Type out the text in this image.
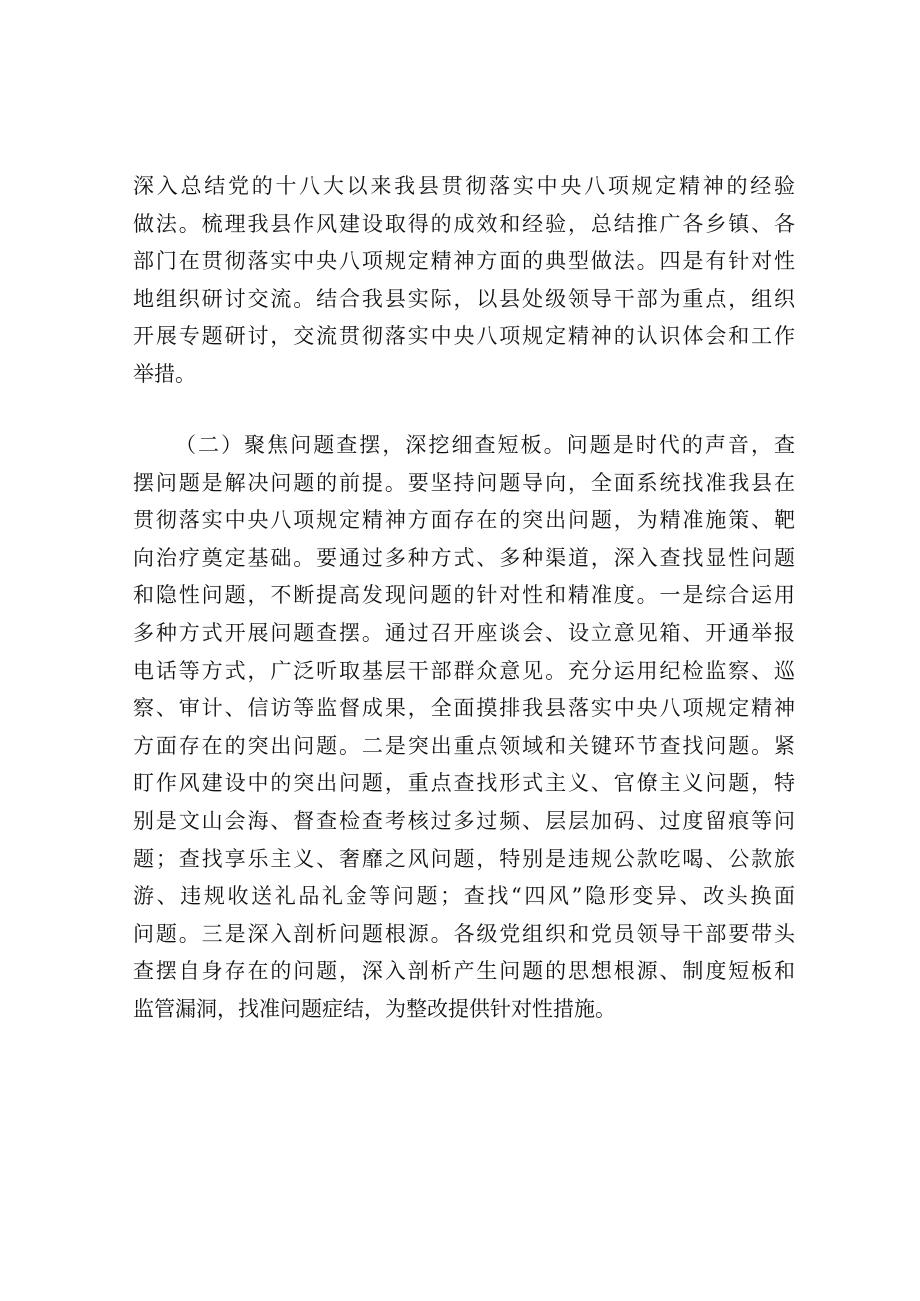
深入总结党的十八大以来我县贯彻落实中央八项规定精神的经验
做法。梳理我县作风建设取得的成效和经验，总结推广各乡镇、各
部门在贯彻落实中央八项规定精神方面的典型做法。四是有针对性
地组织研讨交流。结合我县实际，以县处级领导干部为重点，组织
开展专题研讨，交流贯彻落实中央八项规定精神的认识体会和工作
举措。
（二）聚焦问题查摆，深挖细查短板。问题是时代的声音，查
摆问题是解决问题的前提。要坚持问题导向，全面系统找准我县在
贯彻落实中央八项规定精神方面存在的突出问题，为精准施策、靶
向治疗奠定基础。要通过多种方式、多种渠道，深入查找显性问题
和隐性问题，不断提高发现问题的针对性和精准度。一是综合运用
多种方式开展问题查摆。通过召开座谈会、设立意见箱、开通举报
电话等方式，广泛听取基层干部群众意见。充分运用纪检监察、巡
察、审计、信访等监督成果，全面摸排我县落实中央八项规定精神
方面存在的突出问题。二是突出重点领域和关键环节查找问题。紧
盯作风建设中的突出问题，重点查找形式主义、官僚主义问题，特
别是文山会海、督查检查考核过多过频、层层加码、过度留痕等问
题；查找享乐主义、奢靡之风问题，特别是违规公款吃喝、公款旅
游、违规收送礼品礼金等问题；查找“四风”隐形变异、改头换面
问题。三是深入剖析问题根源。各级党组织和党员领导干部要带头
查摆自身存在的问题，深入剖析产生问题的思想根源、制度短板和
监管漏洞，找准问题症结，为整改提供针对性措施。
